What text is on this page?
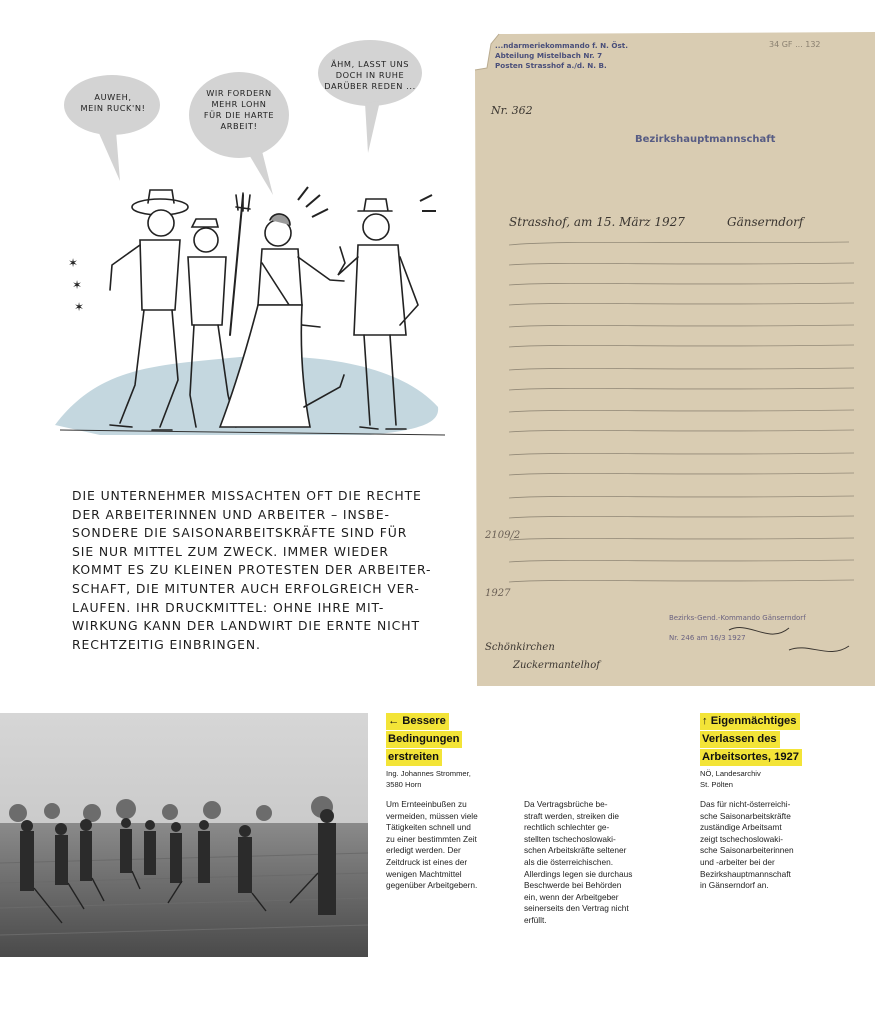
✶
✶
✶
AUWEH,
MEIN RUCK'N!
WIR FORDERN
MEHR LOHN
FÜR DIE HARTE
ARBEIT!
ÄHM, LASST UNS
DOCH IN RUHE
DARÜBER REDEN ...
DIE UNTERNEHMER MISSACHTEN OFT DIE RECHTE
DER ARBEITERINNEN UND ARBEITER – INSBE-
SONDERE DIE SAISONARBEITSKRÄFTE SIND FÜR
SIE NUR MITTEL ZUM ZWECK. IMMER WIEDER
KOMMT ES ZU KLEINEN PROTESTEN DER ARBEITER-
SCHAFT, DIE MITUNTER AUCH ERFOLGREICH VER-
LAUFEN. IHR DRUCKMITTEL: OHNE IHRE MIT-
WIRKUNG KANN DER LANDWIRT DIE ERNTE NICHT
RECHTZEITIG EINBRINGEN.
...ndarmeriekommando f. N. Öst.
Abteilung Mistelbach Nr. 7
Posten Strasshof a./d. N. B.
34 GF ... 132
Nr. 362
Bezirkshauptmannschaft
Strasshof, am 15. März 1927	Gänserndorf
Bezirks-Gend.-Kommando Gänserndorf
Nr. 246 am 16/3 1927
2109/2
1927
Schönkirchen
Zuckermantelhof
← Bessere
Bedingungen
erstreiten
Ing. Johannes Strommer,
3580 Horn
Um Ernteeinbußen zu
vermeiden, müssen viele
Tätigkeiten schnell und
zu einer bestimmten Zeit
erledigt werden. Der
Zeitdruck ist eines der
wenigen Machtmittel
gegenüber Arbeitgebern.
Da Vertragsbrüche be-
straft werden, streiken die
rechtlich schlechter ge-
stellten tschechoslowaki-
schen Arbeitskräfte seltener
als die österreichischen.
Allerdings legen sie durchaus
Beschwerde bei Behörden
ein, wenn der Arbeitgeber
seinerseits den Vertrag nicht
erfüllt.
↑ Eigenmächtiges
Verlassen des
Arbeitsortes, 1927
NÖ, Landesarchiv
St. Pölten
Das für nicht-österreichi-
sche Saisonarbeitskräfte
zuständige Arbeitsamt
zeigt tschechoslowaki-
sche Saisonarbeiterinnen
und -arbeiter bei der
Bezirkshauptmannschaft
in Gänserndorf an.
